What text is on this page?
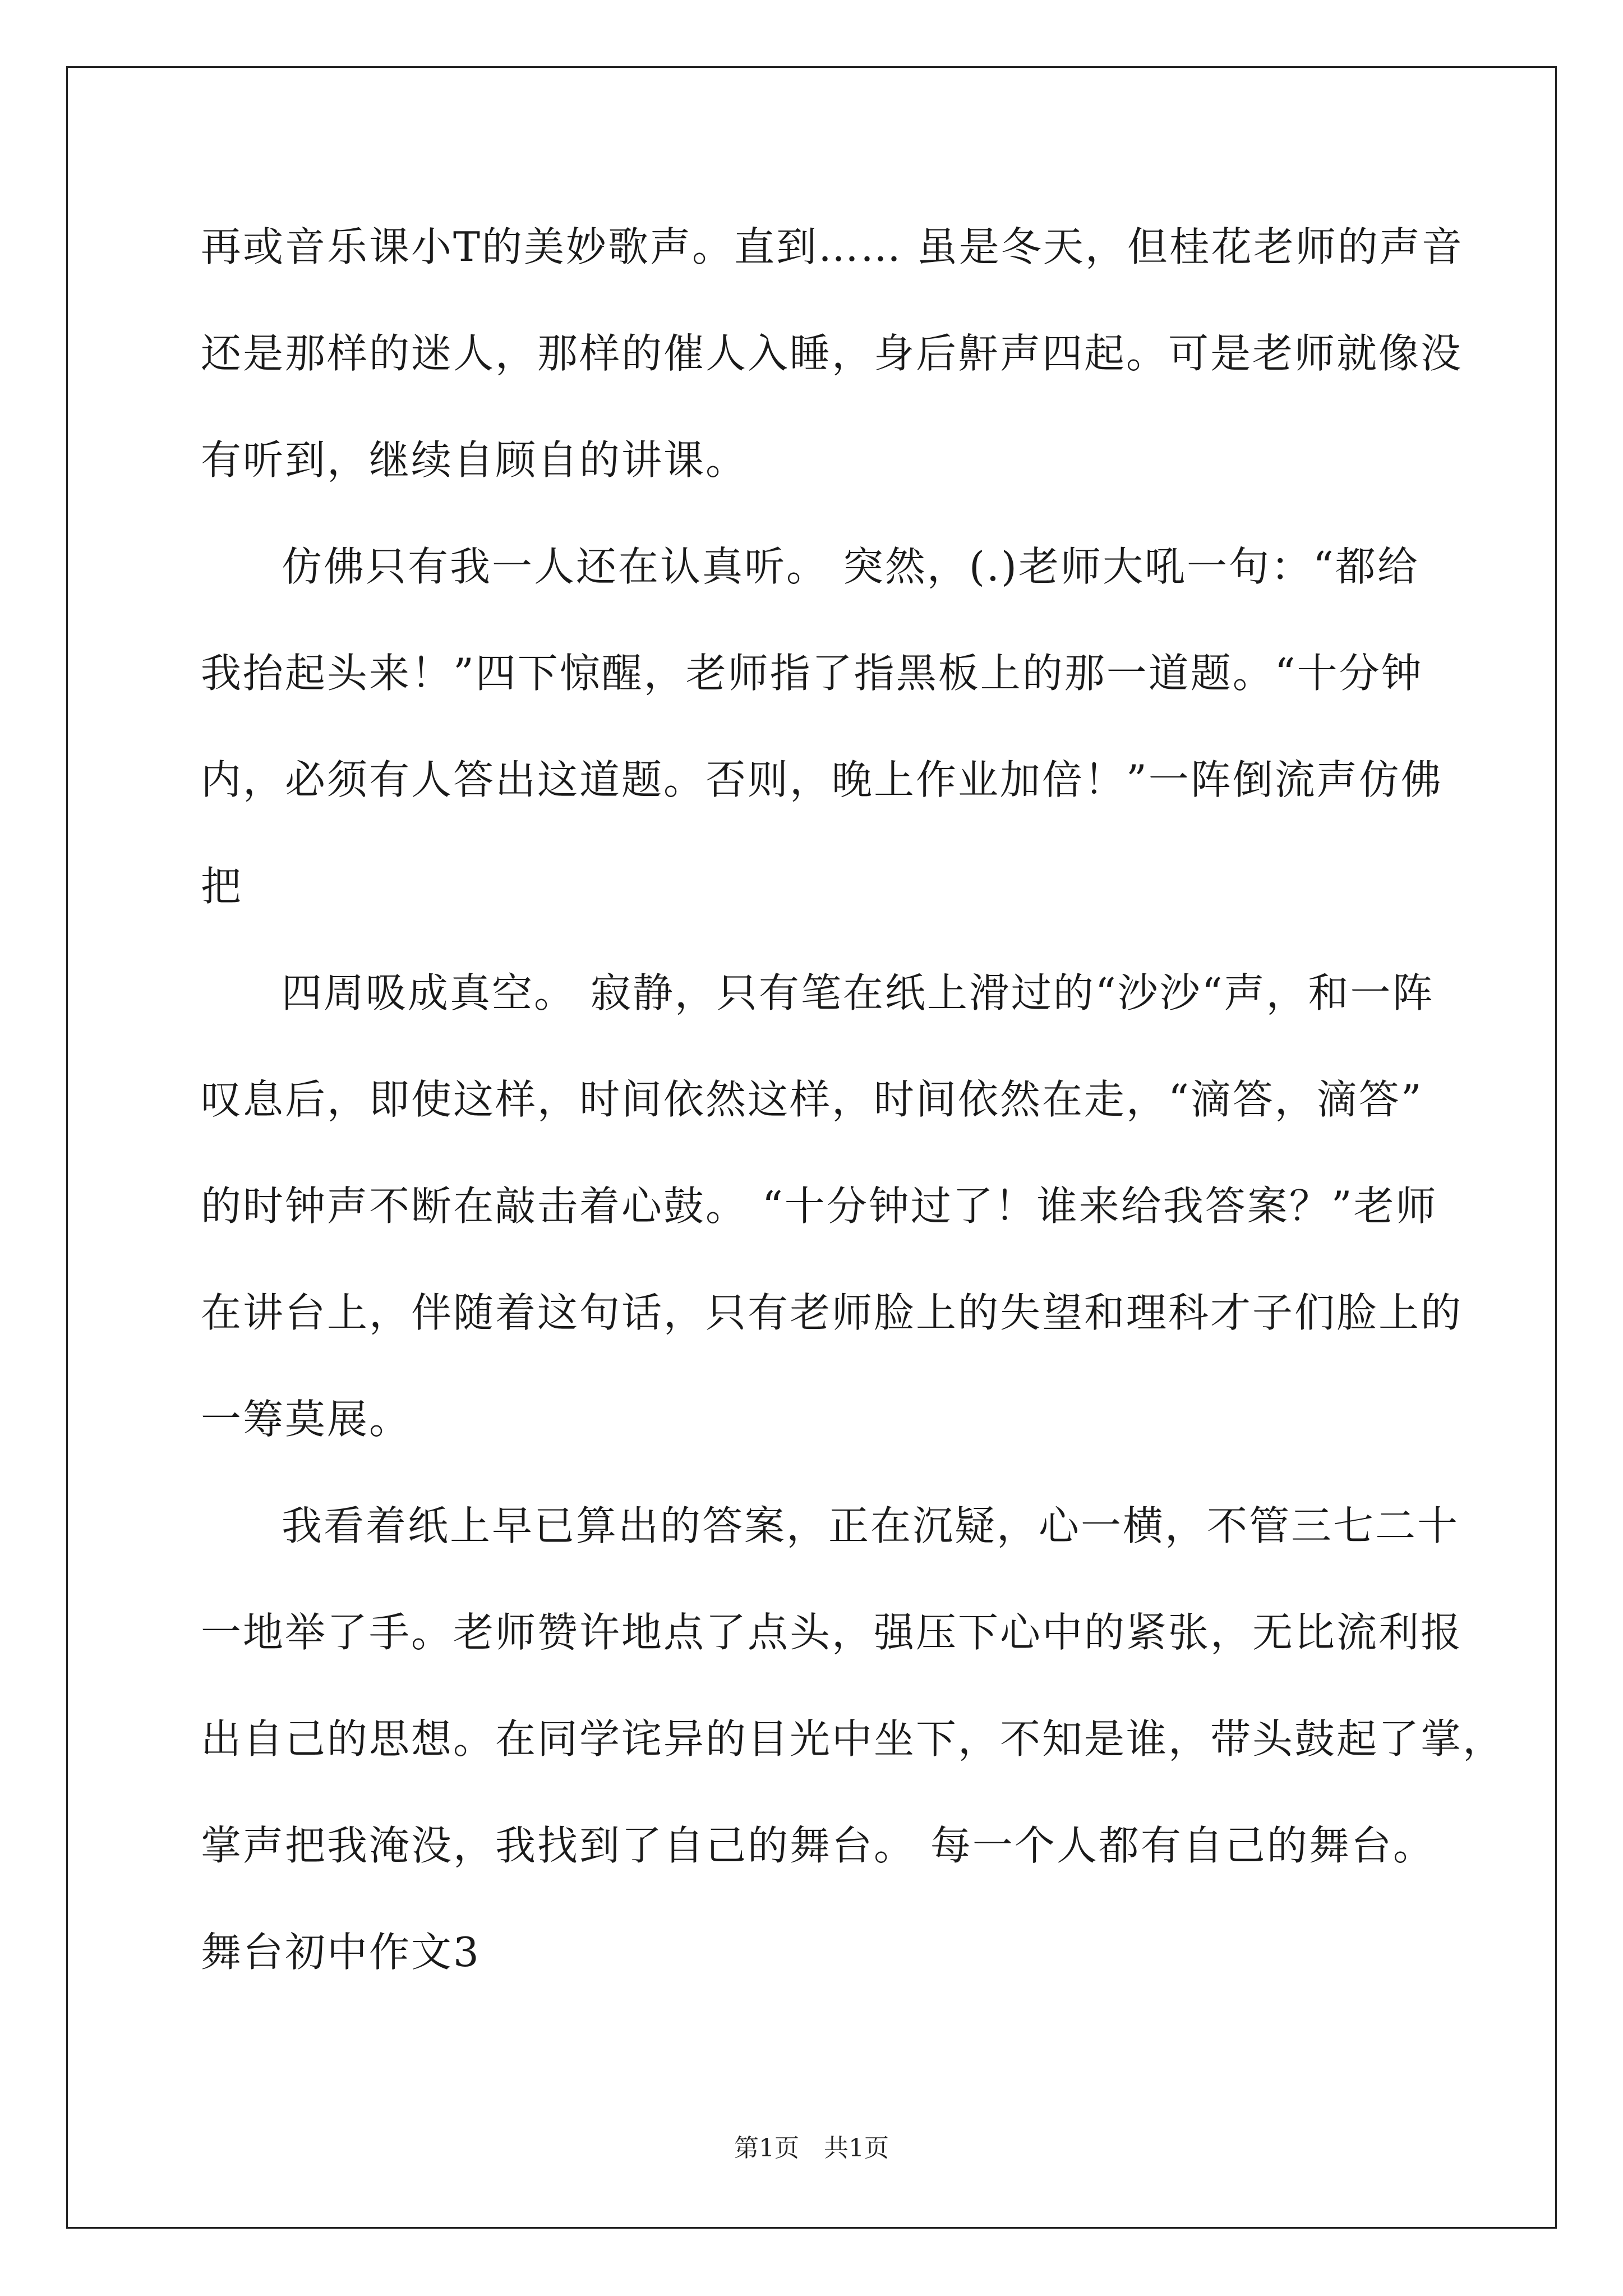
再或音乐课小T的美妙歌声。直到…… 虽是冬天，但桂花老师的声音
还是那样的迷人，那样的催人入睡，身后鼾声四起。可是老师就像没
有听到，继续自顾自的讲课。
仿佛只有我一人还在认真听。 突然，(.)老师大吼一句：“都给
我抬起头来！”四下惊醒，老师指了指黑板上的那一道题。“十分钟
内，必须有人答出这道题。否则，晚上作业加倍！”一阵倒流声仿佛
把
四周吸成真空。 寂静，只有笔在纸上滑过的“沙沙“声，和一阵
叹息后，即使这样，时间依然这样，时间依然在走，“滴答，滴答”
的时钟声不断在敲击着心鼓。 “十分钟过了！谁来给我答案？”老师
在讲台上，伴随着这句话，只有老师脸上的失望和理科才子们脸上的
一筹莫展。
我看着纸上早已算出的答案，正在沉疑，心一横，不管三七二十
一地举了手。老师赞许地点了点头，强压下心中的紧张，无比流利报
出自己的思想。在同学诧异的目光中坐下，不知是谁，带头鼓起了掌，
掌声把我淹没，我找到了自己的舞台。 每一个人都有自己的舞台。
舞台初中作文3
第1页　共1页
